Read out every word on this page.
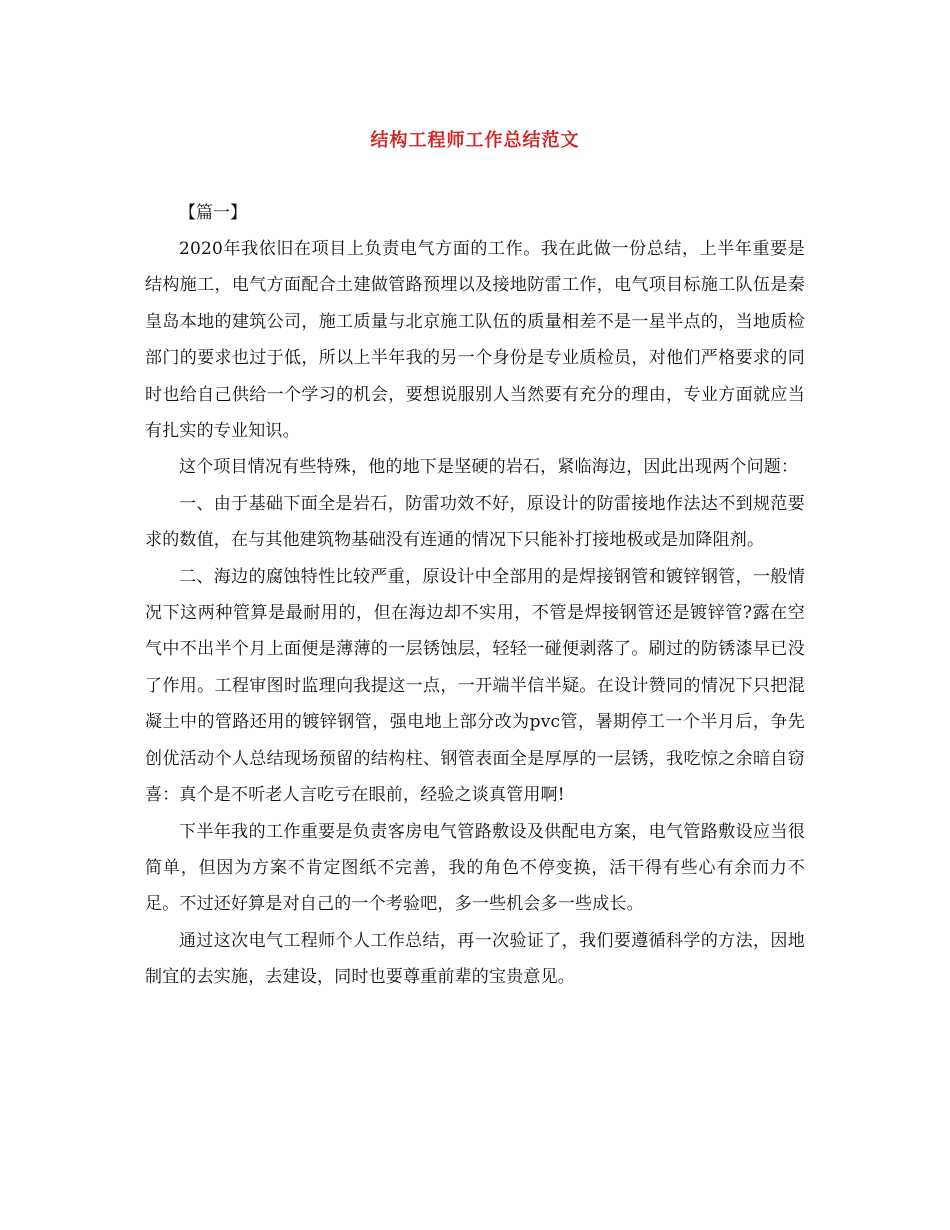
结构工程师工作总结范文

【篇一】

2020年我依旧在项目上负责电气方面的工作。我在此做一份总结，上半年重要是结构施工，电气方面配合土建做管路预埋以及接地防雷工作，电气项目标施工队伍是秦皇岛本地的建筑公司，施工质量与北京施工队伍的质量相差不是一星半点的，当地质检部门的要求也过于低，所以上半年我的另一个身份是专业质检员，对他们严格要求的同时也给自己供给一个学习的机会，要想说服别人当然要有充分的理由，专业方面就应当有扎实的专业知识。

这个项目情况有些特殊，他的地下是坚硬的岩石，紧临海边，因此出现两个问题：

一、由于基础下面全是岩石，防雷功效不好，原设计的防雷接地作法达不到规范要求的数值，在与其他建筑物基础没有连通的情况下只能补打接地极或是加降阻剂。

二、海边的腐蚀特性比较严重，原设计中全部用的是焊接钢管和镀锌钢管，一般情况下这两种管算是最耐用的，但在海边却不实用，不管是焊接钢管还是镀锌管?露在空气中不出半个月上面便是薄薄的一层锈蚀层，轻轻一碰便剥落了。刷过的防锈漆早已没了作用。工程审图时监理向我提这一点，一开端半信半疑。在设计赞同的情况下只把混凝土中的管路还用的镀锌钢管，强电地上部分改为pvc管，暑期停工一个半月后，争先创优活动个人总结现场预留的结构柱、钢管表面全是厚厚的一层锈，我吃惊之余暗自窃喜：真个是不听老人言吃亏在眼前，经验之谈真管用啊!

下半年我的工作重要是负责客房电气管路敷设及供配电方案，电气管路敷设应当很简单，但因为方案不肯定图纸不完善，我的角色不停变换，活干得有些心有余而力不足。不过还好算是对自己的一个考验吧，多一些机会多一些成长。

通过这次电气工程师个人工作总结，再一次验证了，我们要遵循科学的方法，因地制宜的去实施，去建设，同时也要尊重前辈的宝贵意见。
